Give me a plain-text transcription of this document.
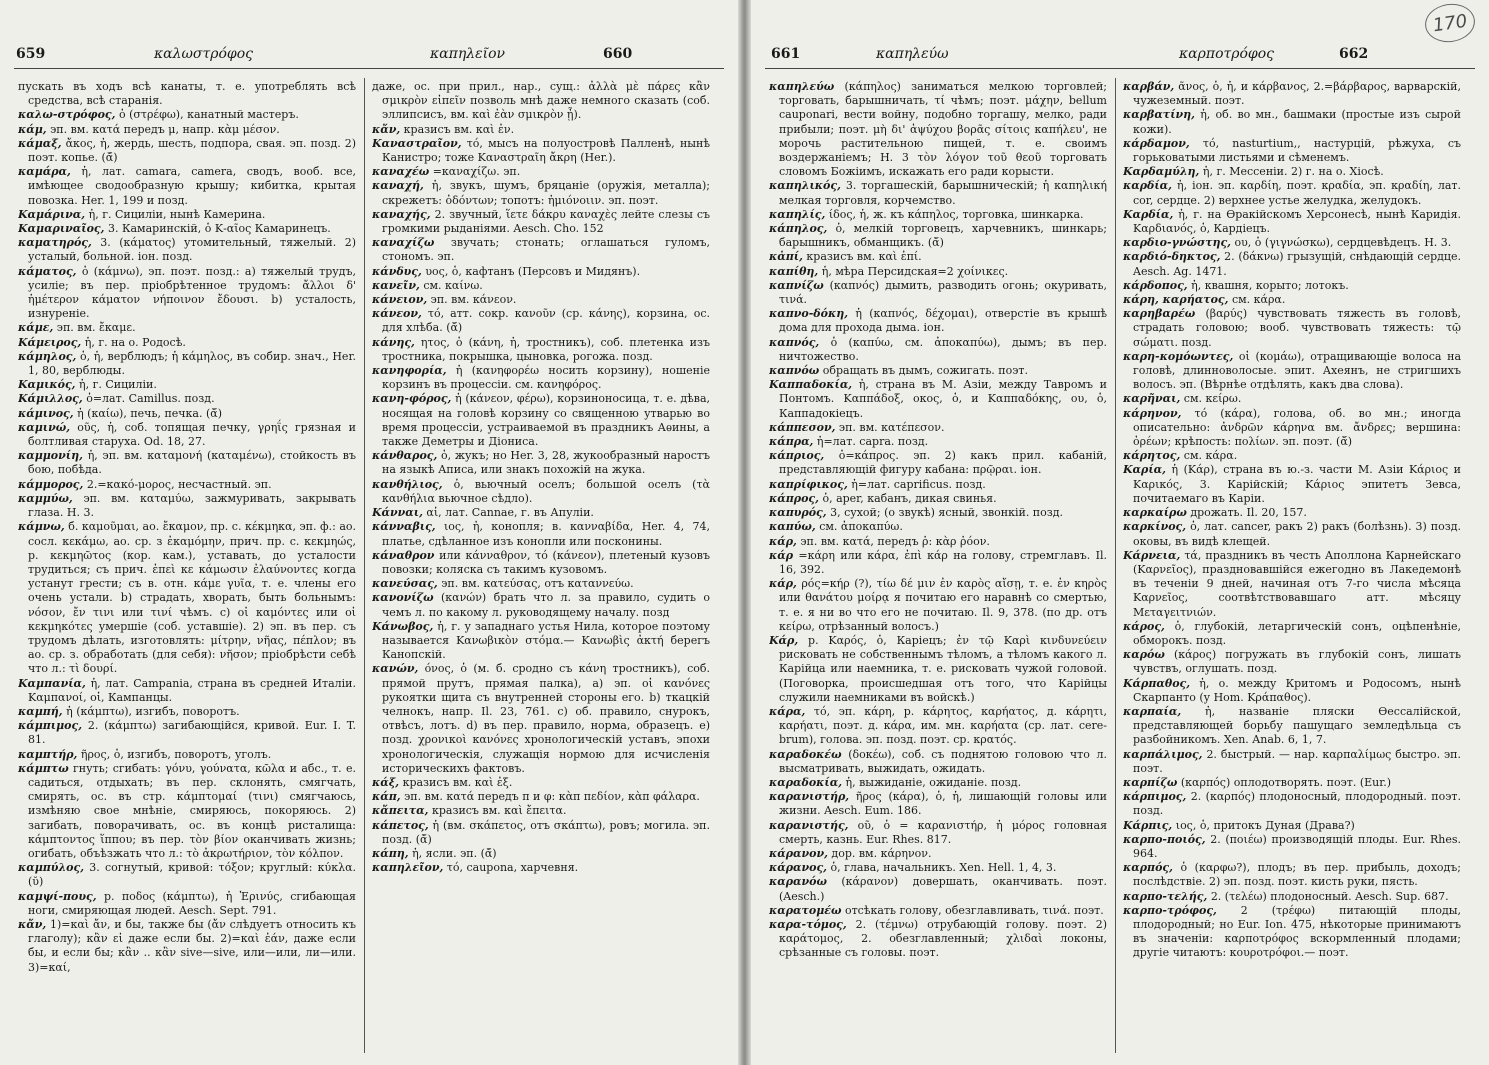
659	καλωστρόφος	καπηλεῖον	660

пускать въ ходъ всѣ канаты, т. е. употреблять всѣ средства, всѣ старанія.

καλω-στρόφος, ὁ (στρέφω), канатный мастеръ.

κάμ, эп. вм. κατά передъ μ, напр. κὰμ μέσον.

κάμαξ, ἄκος, ἡ, жердь, шесть, подпора, свая. эп. позд. 2) поэт. копье. (ᾰ̆)

καμάρα, ἡ, лат. camara, camera, сводъ, вооб. все, имѣющее сводообразную крышу; кибитка, крытая повозка. Her. 1, 199 и позд.

Καμάρινα, ἡ, г. Сициліи, нынѣ Камерина.

Καμαριναῖος, 3. Камаринскій, ὁ Κ-αῖος Камаринецъ.

καματηρός, 3. (κάματος) утомительный, тяжелый. 2) усталый, больной. іон. позд.

κάματος, ὁ (κάμνω), эп. поэт. позд.: a) тяжелый трудъ, усиліе; въ пер. пріобрѣтенное трудомъ: ἄλλοι δ' ἡμέτερον κάματον νήποινον ἔδουσι. b) усталость, изнуреніе.

κάμε, эп. вм. ἔκαμε.

Κάμειρος, ἡ, г. на о. Родосѣ.

κάμηλος, ὁ, ἡ, верблюдъ; ἡ κάμηλος, въ собир. знач., Her. 1, 80, верблюды.

Καμικός, ἡ, г. Сициліи.

Κάμιλλος, ὁ=лат. Camillus. позд.

κάμινος, ἡ (καίω), печь, печка. (ᾰ̆)

καμινώ, οῦς, ἡ, соб. топящая печку, γρηΐς грязная и болтливая старуха. Od. 18, 27.

καμμονίη, ἡ, эп. вм. καταμονή (καταμένω), стойкость въ бою, побѣда.

κάμμορος, 2.=κακό-μορος, несчастный. эп.

καμμύω, эп. вм. καταμύω, зажмуривать, закрывать глаза. Н. 3.

κάμνω, б. καμοῦμαι, ао. ἔκαμον, пр. с. κέκμηκα, эп. ф.: ао. сосл. κεκάμω, ао. ср. з ἐκαμόμην, прич. пр. с. κεκμηώς, р. κεκμηῶτος (кор. кам.), уставать, до усталости трудиться; съ прич. ἐπεὶ κε κάμωσιν ἐλαύνοντες когда устанут грести; съ в. отн. κάμε γυῖα, т. е. члены его очень устали. b) страдать, хворать, быть больнымъ: νόσον, ἔν τινι или τινί чѣмъ. c) οἱ καμόντες или οἱ κεκμηκότες умершіе (соб. уставшіе). 2) эп. въ пер. съ трудомъ дѣлать, изготовлять: μίτρην, νῆας, πέπλον; въ ао. ср. з. обработать (для себя): νῆσον; пріобрѣсти себѣ что л.: τὶ δουρί.

Καμπανία, ἡ, лат. Campania, страна въ средней Италіи. Καμπανοί, οἱ, Кампанцы.

καμπή, ἡ (κάμπτω), изгибъ, поворотъ.

κάμπιμος, 2. (κάμπτω) загибающійся, кривой. Eur. I. T. 81.

καμπτήρ, ῆρος, ὁ, изгибъ, поворотъ, уголъ.

κάμπτω гнуть; сгибать: γόνυ, γούνατα, κῶλα и абс., т. е. садиться, отдыхать; въ пер. склонять, смягчать, смирять, ос. въ стр. κάμπτομαί (τινι) смягчаюсь, измѣняю свое мнѣніе, смиряюсь, покоряюсь. 2) загибать, поворачивать, ос. въ концѣ ристалища: κάμπτοντος ἵππου; въ пер. τὸν βίον оканчивать жизнь; огибать, объѣзжать что л.: τὸ ἀκρωτήριον, τὸν κόλπον.

καμπύλος, 3. согнутый, кривой: τόξον; круглый: κύκλα. (ῠ)

καμψί-πους, р. ποδος (κάμπτω), ἡ Ἐρινύς, сгибающая ноги, смиряющая людей. Aesch. Sept. 791.

κἄν, 1)=καὶ ἄν, и бы, также бы (ἄν слѣдуетъ относить къ глаголу); κἂν εἰ даже если бы. 2)=καὶ ἐάν, даже если бы, и если бы; κἂν .. κἂν sive—sive, или—или, ли—или. 3)=καί,

даже, ос. при прил., нар., сущ.: ἀλλὰ μὲ πάρες κἂν σμικρὸν εἰπεῖν позволь мнѣ даже немного сказать (соб. эллипсисъ, вм. καὶ ἐὰν σμικρὸν ᾖ).

κἄν, кразисъ вм. καὶ ἐν.

Καναστραῖον, τό, мысъ на полуостровѣ Палленѣ, нынѣ Канистро; тоже Καναστραῖη ἄκρη (Her.).

καναχέω =καναχίζω. эп.

καναχή, ἡ, звукъ, шумъ, бряцаніе (оружія, металла); скрежетъ: ὀδόντων; топотъ: ἡμιόνοιιν. эп. поэт.

καναχής, 2. звучный, ἵετε δάκρυ καναχὲς лейте слезы съ громкими рыданіями. Aesch. Cho. 152

καναχίζω звучать; стонать; оглашаться гуломъ, стономъ. эп.

κάνδυς, υος, ὁ, кафтанъ (Персовъ и Мидянъ).

κανεῖν, см. καίνω.

κάνειον, эп. вм. κάνεον.

κάνεον, τό, атт. сокр. κανοῦν (ср. κάνης), корзина, ос. для хлѣба. (ᾰ̆)

κάνης, ητος, ὁ (κάνη, ἡ, тростникъ), соб. плетенка изъ тростника, покрышка, цыновка, рогожа. позд.

κανηφορία, ἡ (κανηφορέω носить корзину), ношеніе корзинъ въ процессіи. см. κανηφόρος.

κανη-φόρος, ἡ (κάνεον, φέρω), корзиноносица, т. е. дѣва, носящая на головѣ корзину со священною утварью во время процессіи, устраиваемой въ праздникъ Аѳины, а также Деметры и Діониса.

κάνθαρος, ὁ, жукъ; но Her. 3, 28, жукообразный наростъ на языкѣ Аписа, или знакъ похожій на жука.

κανθήλιος, ὁ, вьючный оселъ; большой оселъ (τὰ κανθήλια вьючное сѣдло).

Κάνναι, αἱ, лат. Cannae, г. въ Апуліи.

κάνναβις, ιος, ἡ, конопля; в. κανναβίδα, Her. 4, 74, платье, сдѣланное изъ конопли или посконины.

κάναθρον или κάνναθρον, τό (κάνεον), плетеный кузовъ повозки; коляска съ такимъ кузовомъ.

κανεύσας, эп. вм. κατεύσας, отъ καταννεύω.

κανονίζω (κανών) брать что л. за правило, судить о чемъ л. по какому л. руководящему началу. позд

Κάνωβος, ἡ, г. у западнаго устья Нила, которое поэтому называется Κανωβικὸν στόμα.— Κανωβὶς ἀκτή берегъ Канопскій.

κανών, όνος, ὁ (м. б. сродно съ κάνη тростникъ), соб. прямой прутъ, прямая палка), а) эп. οἱ κανόνες рукоятки щита съ внутренней стороны его. b) ткацкій челнокъ, напр. Il. 23, 761. c) об. правило, снурокъ, отвѣсъ, лотъ. d) въ пер. правило, норма, образецъ. e) позд. χρονικοὶ κανόνες хронологическій уставъ, эпохи хронологическія, служащія нормою для исчисленія историческихъ фактовъ.

κάξ, кразисъ вм. καὶ ἐξ.

κάπ, эп. вм. κατά передъ π и φ: κὰπ πεδίον, κὰπ φάλαρα.

κἄπειτα, кразисъ вм. καὶ ἔπειτα.

κάπετος, ἡ (вм. σκάπετος, отъ σκάπτω), ровъ; могила. эп. позд. (ᾰ̆)

κάπη, ἡ, ясли. эп. (ᾰ̆)

καπηλεῖον, τό, caupona, харчевня.

170
661	καπηλεύω	καρποτρόφος	662

καπηλεύω (κάπηλος) заниматься мелкою торговлей; торговать, барышничать, τί чѣмъ; поэт. μάχην, bellum cauponari, вести войну, подобно торгашу, мелко, ради прибыли; поэт. μὴ δι' ἀψύχου βορᾶς σίτοις καπήλευ', не морочь растительною пищей, т. е. своимъ воздержаніемъ; Н. 3 τὸν λόγον τοῦ θεοῦ торговать словомъ Божіимъ, искажать его ради корысти.

καπηλικός, 3. торгашескій, барышническій; ἡ καπηλική мелкая торговля, корчемство.

καπηλίς, ίδος, ἡ, ж. къ κάπηλος, торговка, шинкарка.

κάπηλος, ὁ, мелкій торговецъ, харчевникъ, шинкарь; барышникъ, обманщикъ. (ᾰ̆)

κἀπί, кразисъ вм. καὶ ἐπί.

καπίθη, ἡ, мѣра Персидская=2 χοίνικες.

καπνίζω (καπνός) дымить, разводить огонь; окуривать, τινά.

καπνο-δόκη, ἡ (καπνός, δέχομαι), отверстіе въ крышѣ дома для прохода дыма. іон.

καπνός, ὁ (καπύω, см. ἀποκαπύω), дымъ; въ пер. ничтожество.

καπνόω обращать въ дымъ, сожигать. поэт.

Καππαδοκία, ἡ, страна въ М. Азіи, между Тавромъ и Понтомъ. Καππάδοξ, οκος, ὁ, и Καππαδόκης, ου, ὁ, Каппадокіецъ.

κάππεσον, эп. вм. κατέπεσον.

κάπρα, ἡ=лат. capra. позд.

κάπριος, ὁ=κάπρος. эп. 2) какъ прил. кабаній, представляющій фигуру кабана: πρῷραι. іон.

καπρίφικος, ἡ=лат. caprificus. позд.

κάπρος, ὁ, aper, кабанъ, дикая свинья.

καπυρός, 3, сухой; (о звукѣ) ясный, звонкій. позд.

καπύω, см. ἀποκαπύω.

κάρ, эп. вм. κατά, передъ ῥ: κὰρ ῥόον.

κάρ =κάρη или κάρα, ἐπὶ κάρ на голову, стремглавъ. Il. 16, 392.

κάρ, ρός=κήρ (?), τίω δέ μιν ἐν καρὸς αἴσῃ, т. е. ἐν κηρὸς или θανάτου μοίρᾳ я почитаю его наравнѣ со смертью, т. е. я ни во что его не почитаю. Il. 9, 378. (по др. отъ κείρω, отрѣзанный волосъ.)

Κάρ, р. Καρός, ὁ, Каріецъ; ἐν τῷ Καρὶ κινδυνεύειν рисковать не собственнымъ тѣломъ, а тѣломъ какого л. Карійца или наемника, т. е. рисковать чужой головой. (Поговорка, происшедшая отъ того, что Карійцы служили наемниками въ войскѣ.)

κάρα, τό, эп. κάρη, р. κάρητος, καρήατος, д. κάρητι, καρήατι, поэт. д. κάρα, им. мн. καρήατα (ср. лат. cere-brum), голова. эп. позд. поэт. ср. κρατός.

καραδοκέω (δοκέω), соб. съ поднятою головою что л. высматривать, выжидать, ожидать.

καραδοκία, ἡ, выжиданіе, ожиданіе. позд.

καρανιστήρ, ῆρος (κάρα), ὁ, ἡ, лишающій головы или жизни. Aesch. Eum. 186.

καρανιστής, οῦ, ὁ = καρανιστήρ, ἡ μόρος головная смерть, казнь. Eur. Rhes. 817.

κάρανον, дор. вм. κάρηνον.

κάρανος, ὁ, глава, начальникъ. Xen. Hell. 1, 4, 3.

καρανόω (κάρανον) довершать, оканчивать. поэт. (Aesch.)

καρατομέω отсѣкать голову, обезглавливать, τινά. поэт.

καρα-τόμος, 2. (τέμνω) отрубающій голову. поэт. 2) καράτομος, 2. обезглавленный; χλιδαὶ локоны, срѣзанные съ головы. поэт.

καρβάν, ᾶνος, ὁ, ἡ, и κάρβανος, 2.=βάρβαρος, варварскій, чужеземный. поэт.

καρβατίνη, ἡ, об. во мн., башмаки (простые изъ сырой кожи).

κάρδαμον, τό, nasturtium,, настурцій, рѣжуха, съ горьковатыми листьями и сѣменемъ.

Καρδαμύλη, ἡ, г. Мессеніи. 2) г. на о. Хіосѣ.

καρδία, ἡ, іон. эп. καρδίη, поэт. κραδία, эп. κραδίη, лат. cor, сердце. 2) верхнее устье желудка, желудокъ.

Καρδία, ἡ, г. на Ѳракійскомъ Херсонесѣ, нынѣ Каридія. Καρδιανός, ὁ, Кардіецъ.

καρδιο-γνώστης, ου, ὁ (γιγνώσκω), сердцевѣдецъ. Н. 3.

καρδιό-δηκτος, 2. (δάκνω) грызущій, снѣдающій сердце. Aesch. Ag. 1471.

κάρδοπος, ἡ, квашня, корыто; лотокъ.

κάρη, καρήατος, см. κάρα.

καρηβαρέω (βαρύς) чувствовать тяжесть въ головѣ, страдать головою; вооб. чувствовать тяжесть: τῷ σώματι. позд.

καρη-κομόωντες, οἱ (κομάω), отращивающіе волоса на головѣ, длинноволосые. эпит. Ахеянъ, не стригшихъ волосъ. эп. (Вѣрнѣе отдѣлять, какъ два слова).

καρῆναι, см. κείρω.

κάρηνον, τό (κάρα), голова, об. во мн.; иногда описательно: ἀνδρῶν κάρηνα вм. ἄνδρες; вершина: ὀρέων; крѣпость: πολίων. эп. поэт. (ᾰ̆)

κάρητος, см. κάρα.

Καρία, ἡ (Κάρ), страна въ ю.-з. части М. Азіи Κάριος и Καρικός, 3. Карійскій; Κάριος эпитетъ Зевса, почитаемаго въ Каріи.

καρκαίρω дрожать. Il. 20, 157.

καρκίνος, ὁ, лат. cancer, ракъ 2) ракъ (болѣзнь). 3) позд. оковы, въ видѣ клещей.

Κάρνεια, τά, праздникъ въ честь Аполлона Карнейскаго (Καρνεῖος), праздновавшійся ежегодно въ Лакедемонѣ въ теченіи 9 дней, начиная отъ 7-го числа мѣсяца Καρνεῖος, соотвѣтствовавшаго атт. мѣсяцу Μεταγειτνιών.

κάρος, ὁ, глубокій, летаргическій сонъ, оцѣпенѣніе, обморокъ. позд.

καρόω (κάρος) погружать въ глубокій сонъ, лишать чувствъ, оглушать. позд.

Κάρπαθος, ἡ, о. между Критомъ и Родосомъ, нынѣ Скарпанто (у Hom. Κράπαθος).

καρπαία, ἡ, названіе пляски Ѳессалійской, представляющей борьбу пашущаго земледѣльца съ разбойникомъ. Xen. Anab. 6, 1, 7.

καρπάλιμος, 2. быстрый. — нар. καρπαλίμως быстро. эп. поэт.

καρπίζω (καρπός) оплодотворять. поэт. (Eur.)

κάρπιμος, 2. (καρπός) плодоносный, плодородный. поэт. позд.

Κάρπις, ιος, ὁ, притокъ Дуная (Драва?)

καρπο-ποιός, 2. (ποιέω) производящій плоды. Eur. Rhes. 964.

καρπός, ὁ (καρφω?), плодъ; въ пер. прибыль, доходъ; послѣдствіе. 2) эп. позд. поэт. кисть руки, пясть.

καρπο-τελής, 2. (τελέω) плодоносный. Aesch. Sup. 687.

καρπο-τρόφος, 2 (τρέφω) питающій плоды, плодородный; но Eur. Ion. 475, нѣкоторые принимаютъ въ значеніи: καρποτρόφος вскормленный плодами; другіе читаютъ: κουροτρόφοι.— поэт.
